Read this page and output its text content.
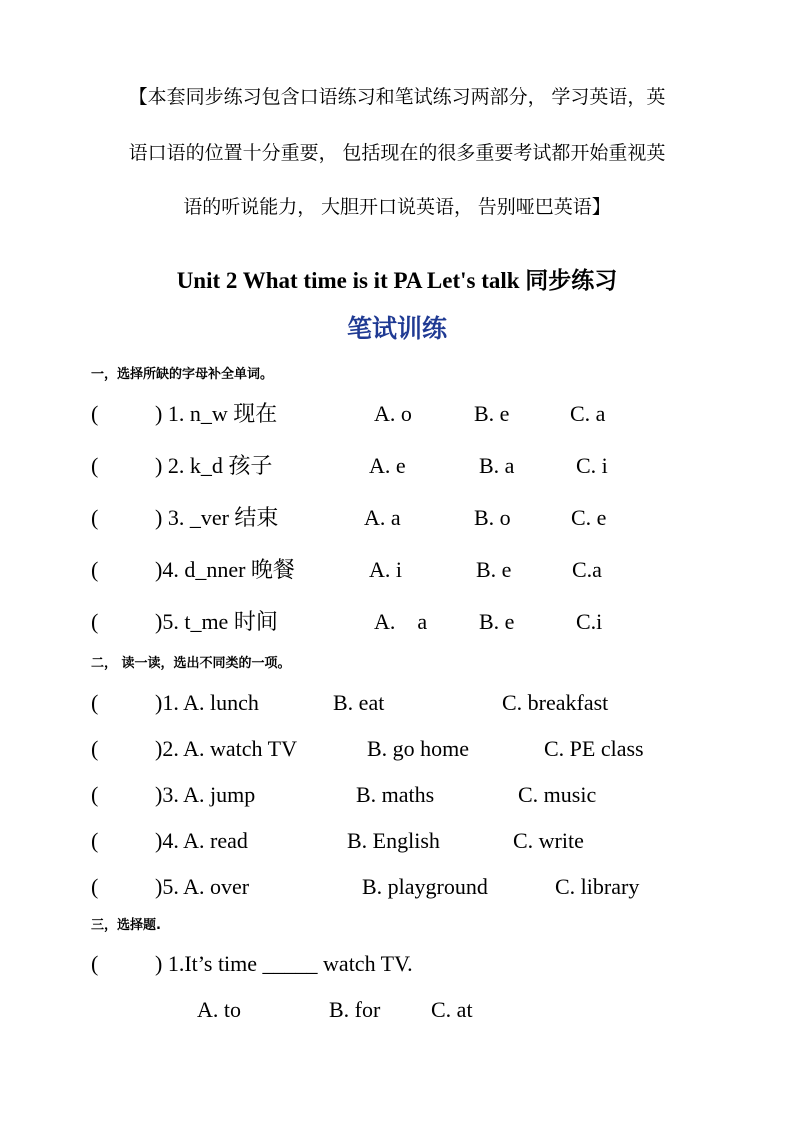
【本套同步练习包含口语练习和笔试练习两部分， 学习英语，英
语口语的位置十分重要， 包括现在的很多重要考试都开始重视英
语的听说能力， 大胆开口说英语， 告别哑巴英语】
Unit 2 What time is it PA Let's talk 同步练习
笔试训练
一，选择所缺的字母补全单词。
(	) 1. n_w 现在	A. o	B. e	C. a
(	) 2. k_d 孩子	A. e	B. a	C. i
(	) 3. _ver 结束	A. a	B. o	C. e
(	)4. d_nner 晚餐	A. i	B. e	C.a
(	)5. t_me 时间	A.    a B. e	C.i
二， 读一读，选出不同类的一项。
(	)1. A. lunch	B. eat	C. breakfast
(	)2. A. watch TV	B. go home	C. PE class
(	)3. A. jump	B. maths	C. music
(	)4. A. read	B. English	C. write
(	)5. A. over	B. playground	C. library
三，选择题.
(	) 1.It’s time _____ watch TV.
A. to	B. for C. at
